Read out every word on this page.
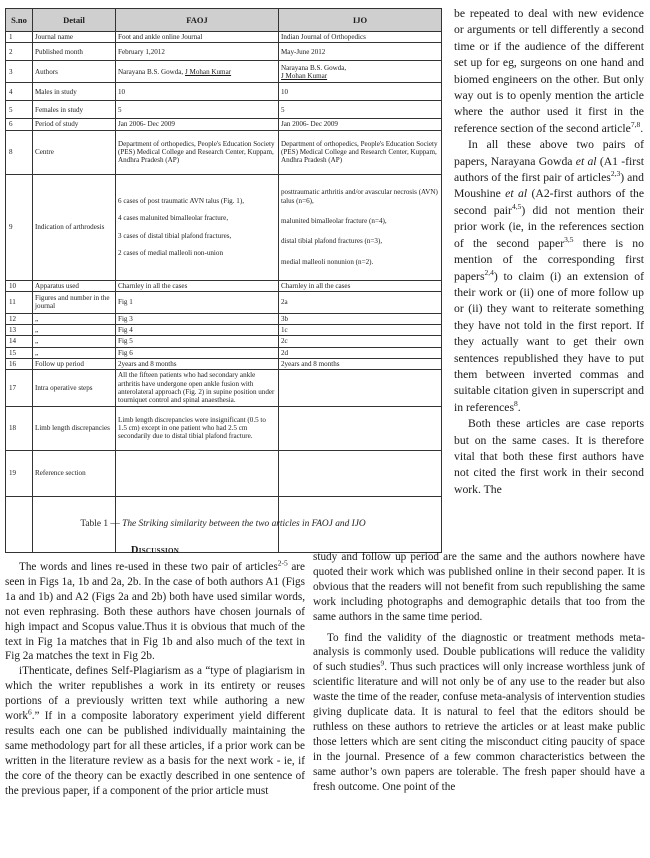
S.no	Detail	FAOJ	IJO
1	Journal name	Foot and ankle online Journal	Indian Journal of Orthopedics
2	Published month	February 1,2012	May-June 2012
3	Authors	Narayana B.S. Gowda, J Mohan Kumar	Narayana B.S. Gowda,
J Mohan Kumar
4	Males in study	10	10
5	Females in study	5	5
6	Period of study	Jan 2006- Dec 2009	Jan 2006- Dec 2009
8	Centre	Department of orthopedics, People's Education Society (PES) Medical College and Research Center, Kuppam, Andhra Pradesh (AP)	Department of orthopedics, People's Education Society (PES) Medical College and Research Center, Kuppam, Andhra Pradesh (AP)
9	Indication of arthrodesis	6 cases of post traumatic AVN talus (Fig. 1),
4 cases malunited bimalleolar fracture,
3 cases of distal tibial plafond fractures,
2 cases of medial malleoli non-union	posttraumatic arthritis and/or avascular necrosis (AVN) talus (n=6),
malunited bimalleolar fracture (n=4),
distal tibial plafond fractures (n=3),
medial malleoli nonunion (n=2).
10	Apparatus used	Charnley in all the cases	Charnley in all the cases
11	Figures and number in the journal	Fig 1	2a
12	„	Fig 3	3b
13	„	Fig 4	1c
14	„	Fig 5	2c
15	„	Fig 6	2d
16	Follow up period	2years and 8 months	2years and 8 months
17	Intra operative steps	All the fifteen patients who had secondary ankle arthritis have undergone open ankle fusion with anterolateral approach (Fig. 2) in supine position under tourniquet control and spinal anaesthesia.	
18	Limb length discrepancies	Limb length discrepancies were insignificant (0.5 to 1.5 cm) except in one patient who had 2.5 cm secondarily due to distal tibial plafond fracture.	
19	Reference section		

Table 1 — The Striking similarity between the two articles in FAOJ and IJO
Discussion

The words and lines re-used in these two pair of articles$^{2-5}$ are seen in Figs 1a, 1b and 2a, 2b. In the case of both authors A1 (Figs 1a and 1b) and A2 (Figs 2a and 2b) both have used similar words, not even rephrasing. Both these authors have chosen journals of high impact and Scopus value.Thus it is obvious that much of the text in Fig 1a matches that in Fig 1b and also much of the text in Fig 2a matches the text in Fig 2b.

iThenticate, defines Self-Plagiarism as a “type of plagiarism in which the writer republishes a work in its entirety or reuses portions of a previously written text while authoring a new work$^6$.” If in a composite laboratory experiment yield different results each one can be published individually maintaining the same methodology part for all these articles, if a prior work can be written in the literature review as a basis for the next work - ie, if the core of the theory can be exactly described in one sentence of the previous paper, if a component of the prior article must

be repeated to deal with new evidence or arguments or tell differently a second time or if the audience of the different set up for eg, surgeons on one hand and biomed engineers on the other. But only way out is to openly mention the article where the author used it first in the reference section of the second article$^{7,8}$.

In all these above two pairs of papers, Narayana Gowda et al (A1 -first authors of the first pair of articles$^{2,3}$) and Moushine et al (A2-first authors of the second pair$^{4,5}$) did not mention their prior work (ie, in the references section of the second paper$^{3,5}$ there is no mention of the corresponding first papers$^{2,4}$) to claim (i) an extension of their work or (ii) one of more follow up or (ii) they want to reiterate something they have not told in the first report. If they actually want to get their own sentences republished they have to put them between inverted commas and suitable citation given in superscript and in references$^8$.

Both these articles are case reports but on the same cases. It is therefore vital that both these first authors have not cited the first work in their second work. The

study and follow up period are the same and the authors nowhere have quoted their work which was published online in their second paper. It is obvious that the readers will not benefit from such republishing the same work including photographs and demographic details that too from the same authors in the same time period.

To find the validity of the diagnostic or treatment methods meta- analysis is commonly used. Double publications will reduce the validity of such studies$^9$. Thus such practices will only increase worthless junk of scientific literature and will not only be of any use to the reader but also waste the time of the reader, confuse meta-analysis of intervention studies giving duplicate data. It is natural to feel that the editors should be ruthless on these authors to retrieve the articles or at least make public those letters which are sent citing the misconduct citing paucity of space in the journal. Presence of a few common characteristics between the same author’s own papers are tolerable. The fresh paper should have a fresh outcome. One point of the
